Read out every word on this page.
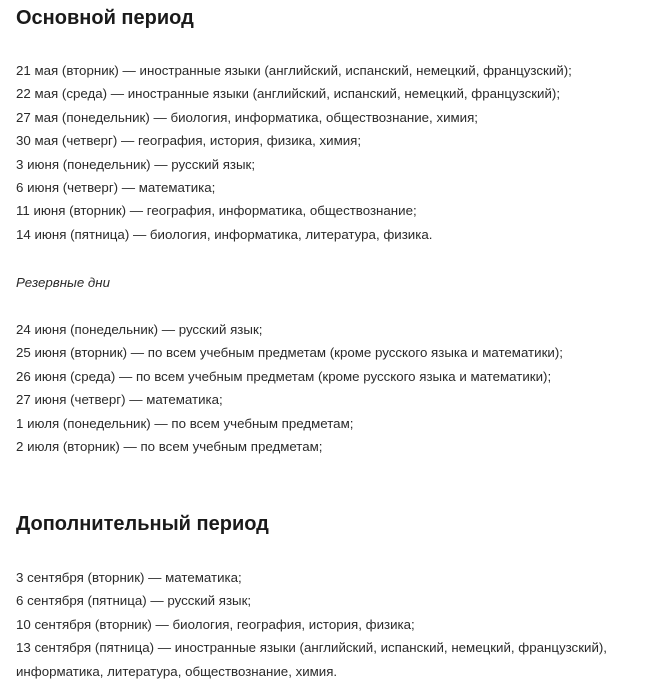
Основной период
21 мая (вторник) — иностранные языки (английский, испанский, немецкий, французский);
22 мая (среда) — иностранные языки (английский, испанский, немецкий, французский);
27 мая (понедельник) — биология, информатика, обществознание, химия;
30 мая (четверг) — география, история, физика, химия;
3 июня (понедельник) — русский язык;
6 июня (четверг) — математика;
11 июня (вторник) — география, информатика, обществознание;
14 июня (пятница) — биология, информатика, литература, физика.

Резервные дни

24 июня (понедельник) — русский язык;
25 июня (вторник) — по всем учебным предметам (кроме русского языка и математики);
26 июня (среда) — по всем учебным предметам (кроме русского языка и математики);
27 июня (четверг) — математика;
1 июля (понедельник) — по всем учебным предметам;
2 июля (вторник) — по всем учебным предметам;
Дополнительный период
3 сентября (вторник) — математика;
6 сентября (пятница) — русский язык;
10 сентября (вторник) — биология, география, история, физика;
13 сентября (пятница) — иностранные языки (английский, испанский, немецкий, французский), информатика, литература, обществознание, химия.
